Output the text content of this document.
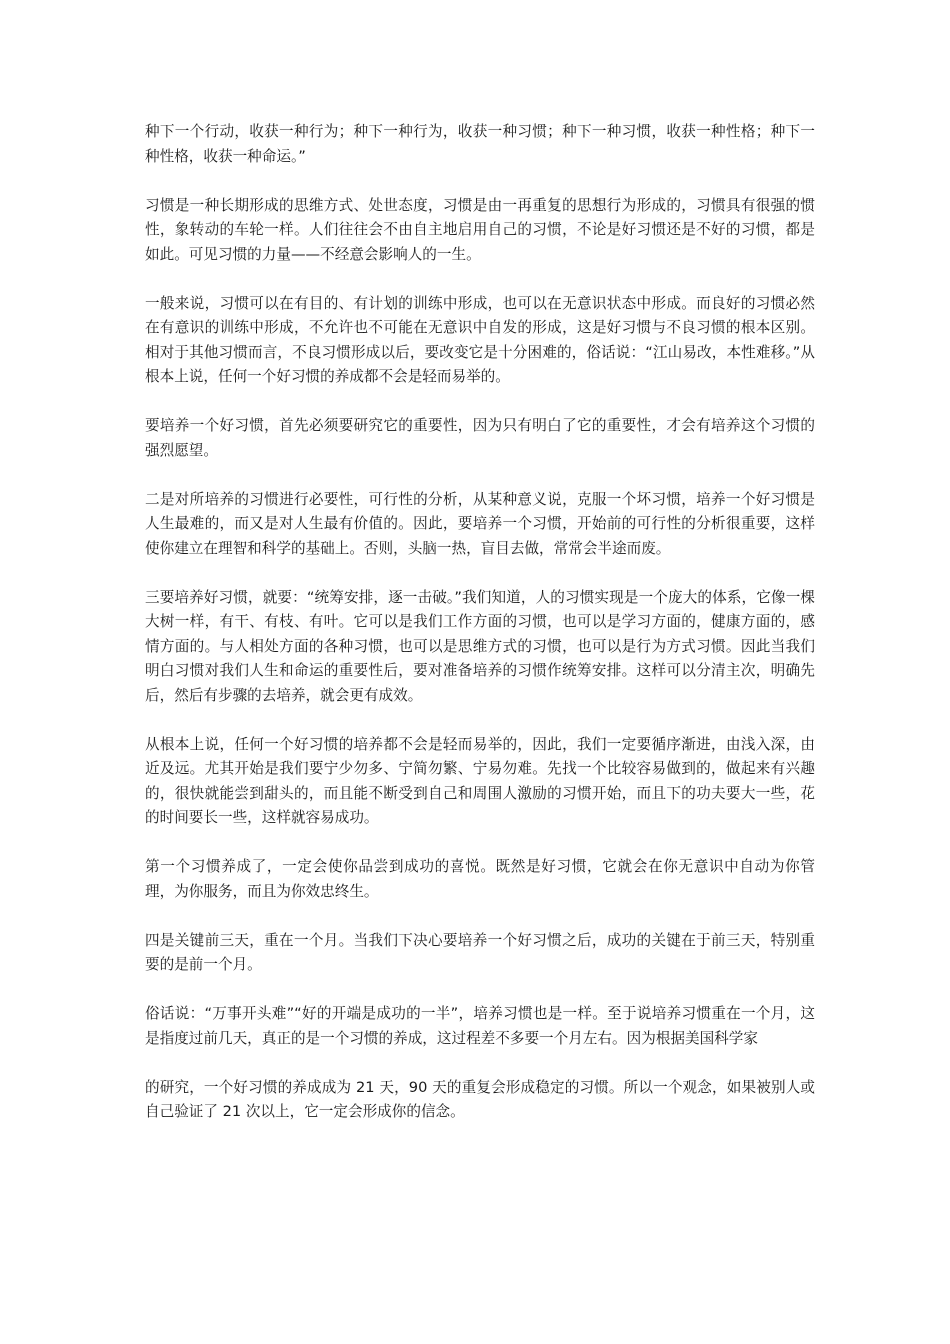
种下一个行动，收获一种行为；种下一种行为，收获一种习惯；种下一种习惯，收获一种性格；种下一种性格，收获一种命运。”

习惯是一种长期形成的思维方式、处世态度，习惯是由一再重复的思想行为形成的，习惯具有很强的惯性，象转动的车轮一样。人们往往会不由自主地启用自己的习惯，不论是好习惯还是不好的习惯，都是如此。可见习惯的力量——不经意会影响人的一生。

一般来说，习惯可以在有目的、有计划的训练中形成，也可以在无意识状态中形成。而良好的习惯必然在有意识的训练中形成，不允许也不可能在无意识中自发的形成，这是好习惯与不良习惯的根本区别。相对于其他习惯而言，不良习惯形成以后，要改变它是十分困难的，俗话说：“江山易改，本性难移。”从根本上说，任何一个好习惯的养成都不会是轻而易举的。

要培养一个好习惯，首先必须要研究它的重要性，因为只有明白了它的重要性，才会有培养这个习惯的强烈愿望。

二是对所培养的习惯进行必要性，可行性的分析，从某种意义说，克服一个坏习惯，培养一个好习惯是人生最难的，而又是对人生最有价值的。因此，要培养一个习惯，开始前的可行性的分析很重要，这样使你建立在理智和科学的基础上。否则，头脑一热，盲目去做，常常会半途而废。

三要培养好习惯，就要：“统筹安排，逐一击破。”我们知道，人的习惯实现是一个庞大的体系，它像一棵大树一样，有干、有枝、有叶。它可以是我们工作方面的习惯，也可以是学习方面的，健康方面的，感情方面的。与人相处方面的各种习惯，也可以是思维方式的习惯，也可以是行为方式习惯。因此当我们明白习惯对我们人生和命运的重要性后，要对准备培养的习惯作统筹安排。这样可以分清主次，明确先后，然后有步骤的去培养，就会更有成效。

从根本上说，任何一个好习惯的培养都不会是轻而易举的，因此，我们一定要循序渐进，由浅入深，由近及远。尤其开始是我们要宁少勿多、宁简勿繁、宁易勿难。先找一个比较容易做到的，做起来有兴趣的，很快就能尝到甜头的，而且能不断受到自己和周围人激励的习惯开始，而且下的功夫要大一些，花的时间要长一些，这样就容易成功。

第一个习惯养成了，一定会使你品尝到成功的喜悦。既然是好习惯，它就会在你无意识中自动为你管理，为你服务，而且为你效忠终生。

四是关键前三天，重在一个月。当我们下决心要培养一个好习惯之后，成功的关键在于前三天，特别重要的是前一个月。

俗话说：“万事开头难”“好的开端是成功的一半”，培养习惯也是一样。至于说培养习惯重在一个月，这是指度过前几天，真正的是一个习惯的养成，这过程差不多要一个月左右。因为根据美国科学家

的研究，一个好习惯的养成成为 21 天，90 天的重复会形成稳定的习惯。所以一个观念，如果被别人或自己验证了 21 次以上，它一定会形成你的信念。
